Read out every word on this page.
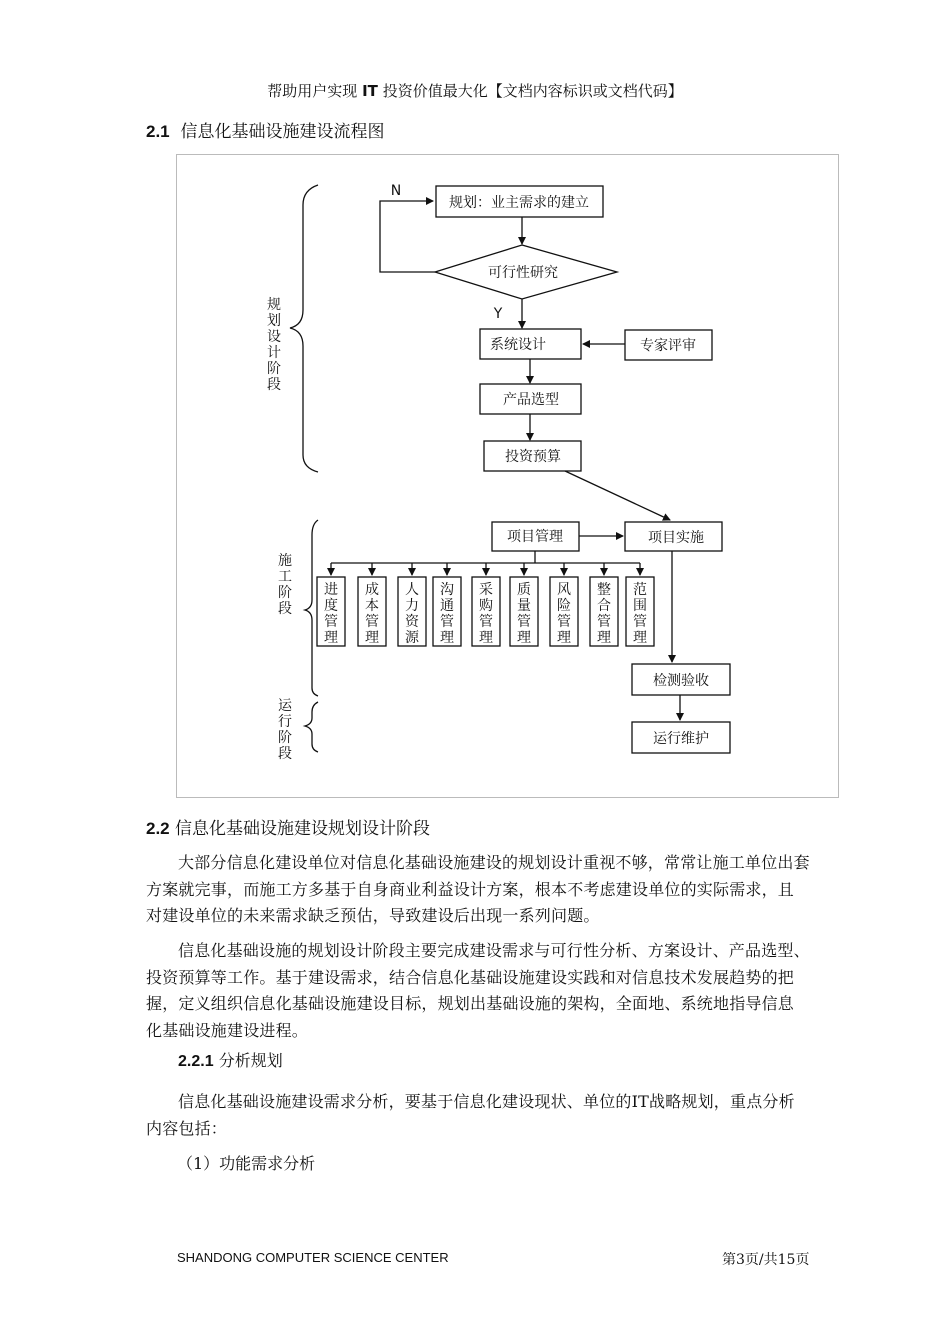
帮助用户实现 IT 投资价值最大化【文档内容标识或文档代码】
2.1 信息化基础设施建设流程图
规划：业主需求的建立
可行性研究
系统设计	专家评审
产品选型
投资预算
项目管理	项目实施
检测验收
运行维护
N
Y
规划设计阶段
施工阶段
运行阶段
进度管理
成本管理
人力资源
沟通管理
采购管理
质量管理
风险管理
整合管理
范围管理
2.2 信息化基础设施建设规划设计阶段
大部分信息化建设单位对信息化基础设施建设的规划设计重视不够，常常让施工单位出套方案就完事，而施工方多基于自身商业利益设计方案，根本不考虑建设单位的实际需求，且对建设单位的未来需求缺乏预估，导致建设后出现一系列问题。
信息化基础设施的规划设计阶段主要完成建设需求与可行性分析、方案设计、产品选型、投资预算等工作。基于建设需求，结合信息化基础设施建设实践和对信息技术发展趋势的把握，定义组织信息化基础设施建设目标，规划出基础设施的架构，全面地、系统地指导信息化基础设施建设进程。
2.2.1 分析规划
信息化基础设施建设需求分析，要基于信息化建设现状、单位的IT战略规划，重点分析内容包括：
（1）功能需求分析
SHANDONG COMPUTER SCIENCE CENTER	第3页/共15页
